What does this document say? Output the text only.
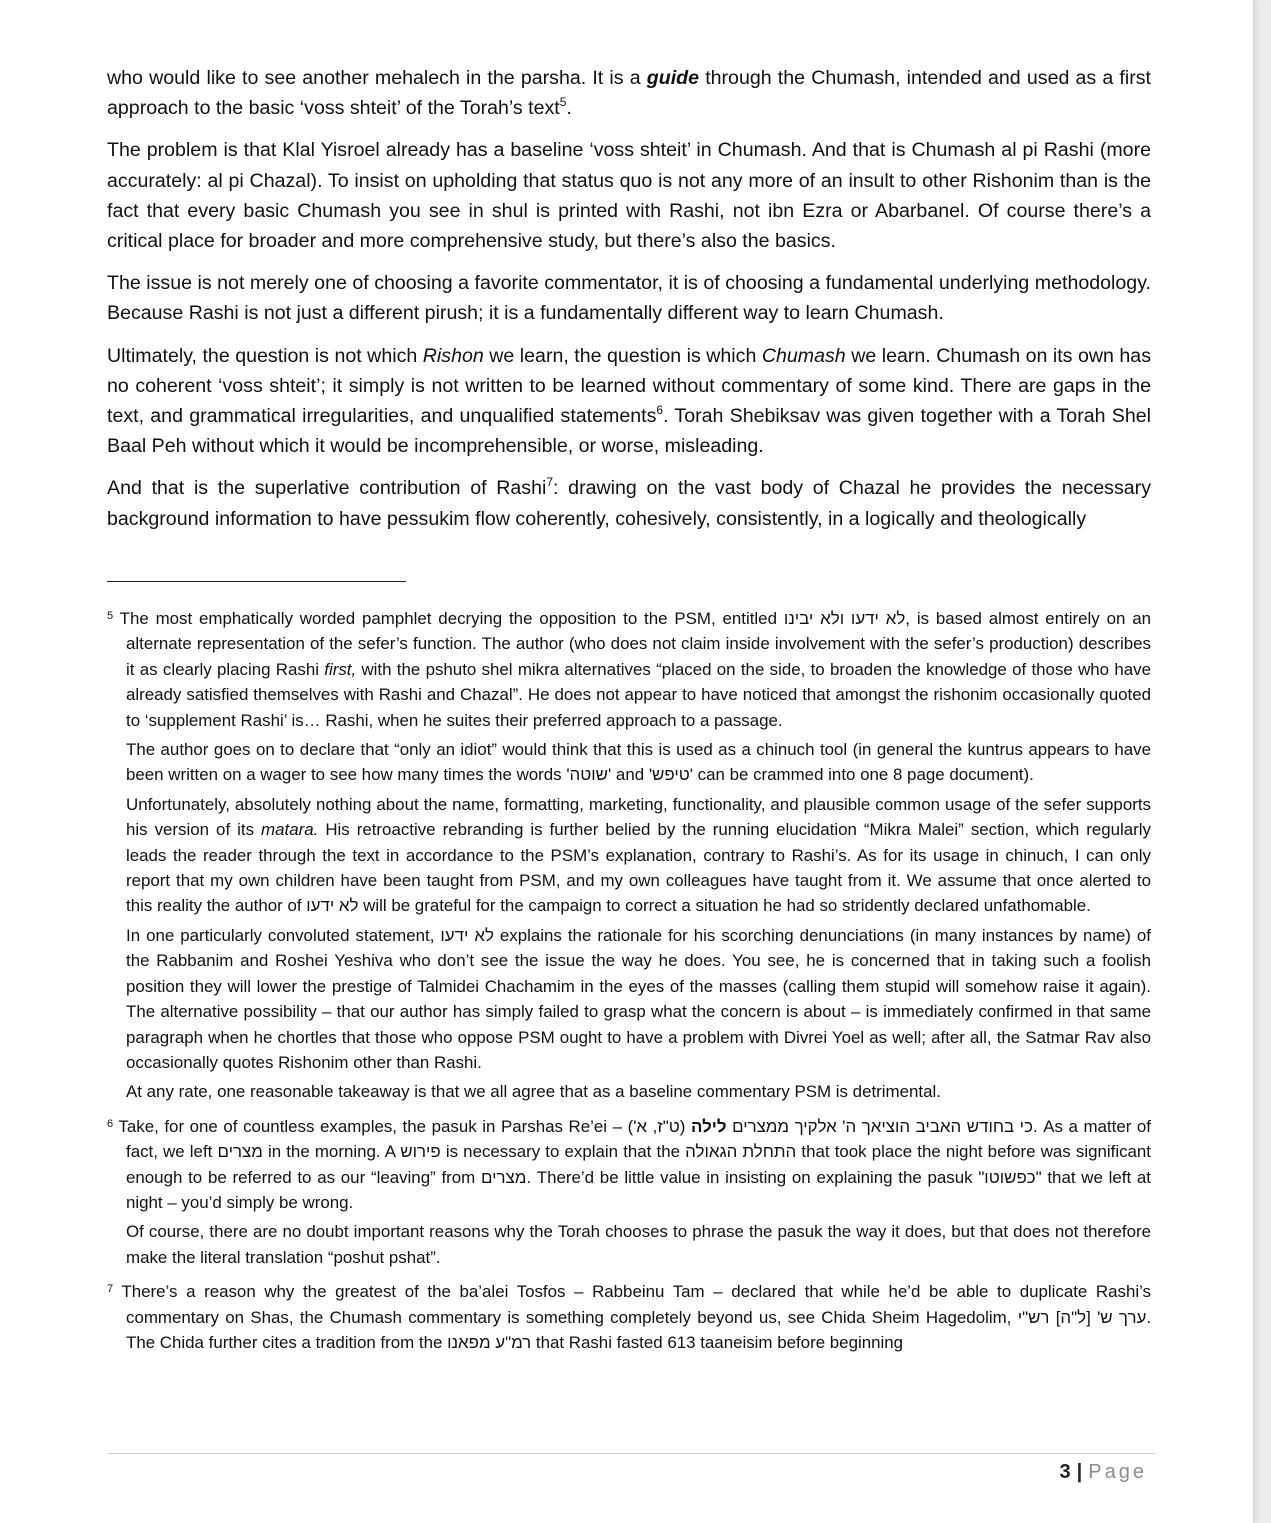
who would like to see another mehalech in the parsha. It is a guide through the Chumash, intended and used as a first approach to the basic ‘voss shteit’ of the Torah’s text$^5$.

The problem is that Klal Yisroel already has a baseline ‘voss shteit’ in Chumash. And that is Chumash al pi Rashi (more accurately: al pi Chazal). To insist on upholding that status quo is not any more of an insult to other Rishonim than is the fact that every basic Chumash you see in shul is printed with Rashi, not ibn Ezra or Abarbanel. Of course there’s a critical place for broader and more comprehensive study, but there’s also the basics.

The issue is not merely one of choosing a favorite commentator, it is of choosing a fundamental underlying methodology. Because Rashi is not just a different pirush; it is a fundamentally different way to learn Chumash.

Ultimately, the question is not which Rishon we learn, the question is which Chumash we learn. Chumash on its own has no coherent ‘voss shteit’; it simply is not written to be learned without commentary of some kind. There are gaps in the text, and grammatical irregularities, and unqualified statements$^6$. Torah Shebiksav was given together with a Torah Shel Baal Peh without which it would be incomprehensible, or worse, misleading.

And that is the superlative contribution of Rashi$^7$: drawing on the vast body of Chazal he provides the necessary background information to have pessukim flow coherently, cohesively, consistently, in a logically and theologically

$^5$ The most emphatically worded pamphlet decrying the opposition to the PSM, entitled לא ידעו ולא יבינו, is based almost entirely on an alternate representation of the sefer’s function. The author (who does not claim inside involvement with the sefer’s production) describes it as clearly placing Rashi first, with the pshuto shel mikra alternatives “placed on the side, to broaden the knowledge of those who have already satisfied themselves with Rashi and Chazal”. He does not appear to have noticed that amongst the rishonim occasionally quoted to ‘supplement Rashi’ is… Rashi, when he suites their preferred approach to a passage.

The author goes on to declare that “only an idiot” would think that this is used as a chinuch tool (in general the kuntrus appears to have been written on a wager to see how many times the words 'שוטה' and 'טיפש' can be crammed into one 8 page document).

Unfortunately, absolutely nothing about the name, formatting, marketing, functionality, and plausible common usage of the sefer supports his version of its matara. His retroactive rebranding is further belied by the running elucidation “Mikra Malei” section, which regularly leads the reader through the text in accordance to the PSM’s explanation, contrary to Rashi’s. As for its usage in chinuch, I can only report that my own children have been taught from PSM, and my own colleagues have taught from it. We assume that once alerted to this reality the author of לא ידעו will be grateful for the campaign to correct a situation he had so stridently declared unfathomable.

In one particularly convoluted statement, לא ידעו explains the rationale for his scorching denunciations (in many instances by name) of the Rabbanim and Roshei Yeshiva who don’t see the issue the way he does. You see, he is concerned that in taking such a foolish position they will lower the prestige of Talmidei Chachamim in the eyes of the masses (calling them stupid will somehow raise it again). The alternative possibility – that our author has simply failed to grasp what the concern is about – is immediately confirmed in that same paragraph when he chortles that those who oppose PSM ought to have a problem with Divrei Yoel as well; after all, the Satmar Rav also occasionally quotes Rishonim other than Rashi.

At any rate, one reasonable takeaway is that we all agree that as a baseline commentary PSM is detrimental.

$^6$ Take, for one of countless examples, the pasuk in Parshas Re’ei –	כי בחודש האביב הוציאך ה' אלקיך ממצרים לילה (ט"ז, א')	. As a matter of fact, we left מצרים in the morning. A פירוש is necessary to explain that the התחלת הגאולה that took place the night before was significant enough to be referred to as our “leaving” from מצרים. There’d be little value in insisting on explaining the pasuk "כפשוטו" that we left at night – you’d simply be wrong.

Of course, there are no doubt important reasons why the Torah chooses to phrase the pasuk the way it does, but that does not therefore make the literal translation “poshut pshat”.

$^7$ There’s a reason why the greatest of the ba’alei Tosfos – Rabbeinu Tam – declared that while he’d be able to duplicate Rashi’s commentary on Shas, the Chumash commentary is something completely beyond us, see Chida Sheim Hagedolim, ערך ש' [ל"ה] רש"י. The Chida further cites a tradition from the רמ"ע מפאנו that Rashi fasted 613 taaneisim before beginning

3 | Page
